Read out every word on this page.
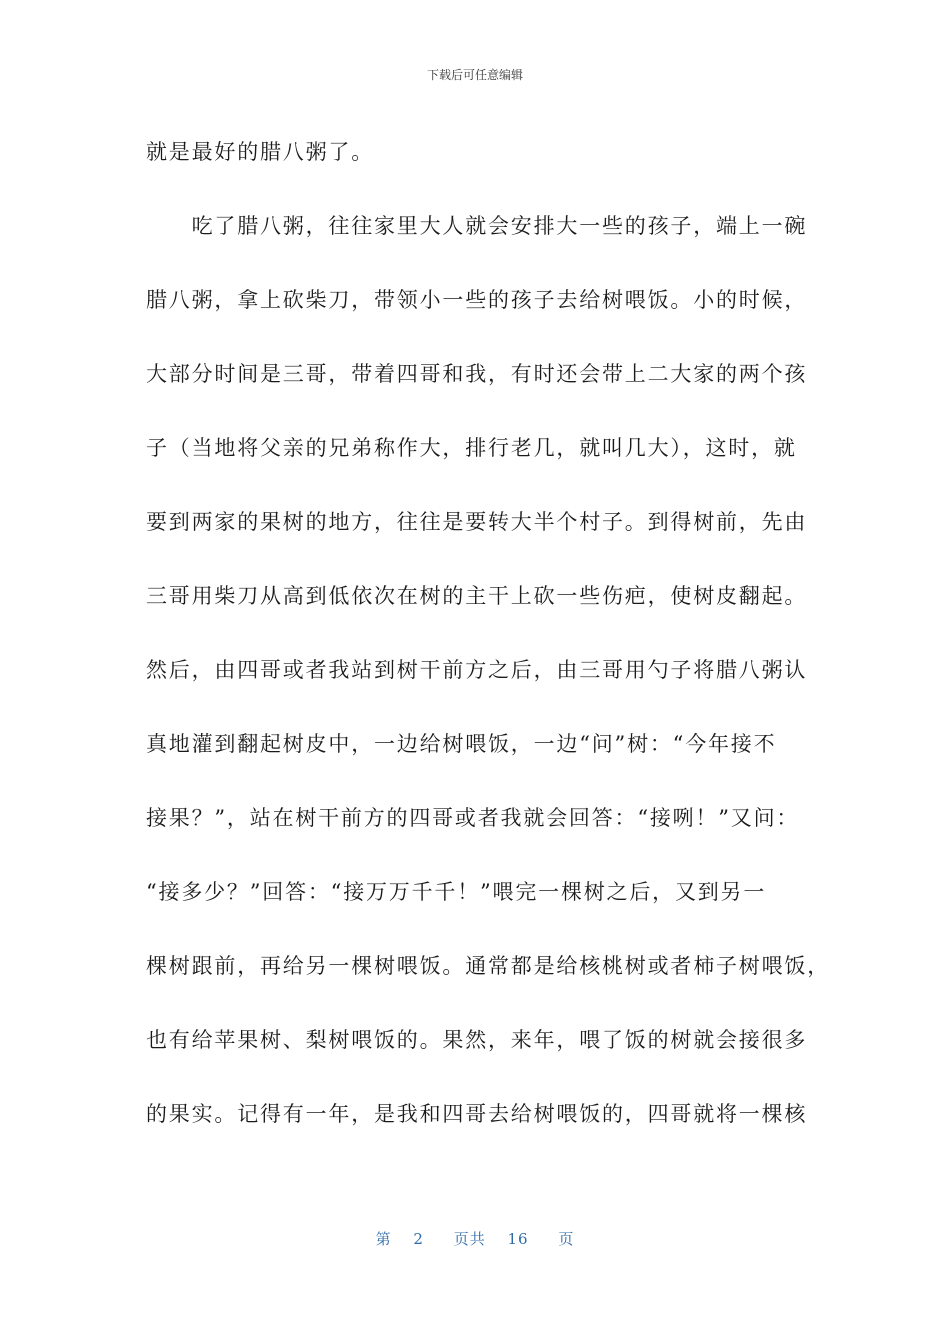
下载后可任意编辑
就是最好的腊八粥了。
　　吃了腊八粥，往往家里大人就会安排大一些的孩子，端上一碗
腊八粥，拿上砍柴刀，带领小一些的孩子去给树喂饭。小的时候，
大部分时间是三哥，带着四哥和我，有时还会带上二大家的两个孩
子（当地将父亲的兄弟称作大，排行老几，就叫几大），这时，就
要到两家的果树的地方，往往是要转大半个村子。到得树前，先由
三哥用柴刀从高到低依次在树的主干上砍一些伤疤，使树皮翻起。
然后，由四哥或者我站到树干前方之后，由三哥用勺子将腊八粥认
真地灌到翻起树皮中，一边给树喂饭，一边“问”树：“今年接不
接果？”，站在树干前方的四哥或者我就会回答：“接咧！”又问：
“接多少？”回答：“接万万千千！”喂完一棵树之后，又到另一
棵树跟前，再给另一棵树喂饭。通常都是给核桃树或者柿子树喂饭，
也有给苹果树、梨树喂饭的。果然，来年，喂了饭的树就会接很多
的果实。记得有一年，是我和四哥去给树喂饭的，四哥就将一棵核
第 2 页共 16 页
